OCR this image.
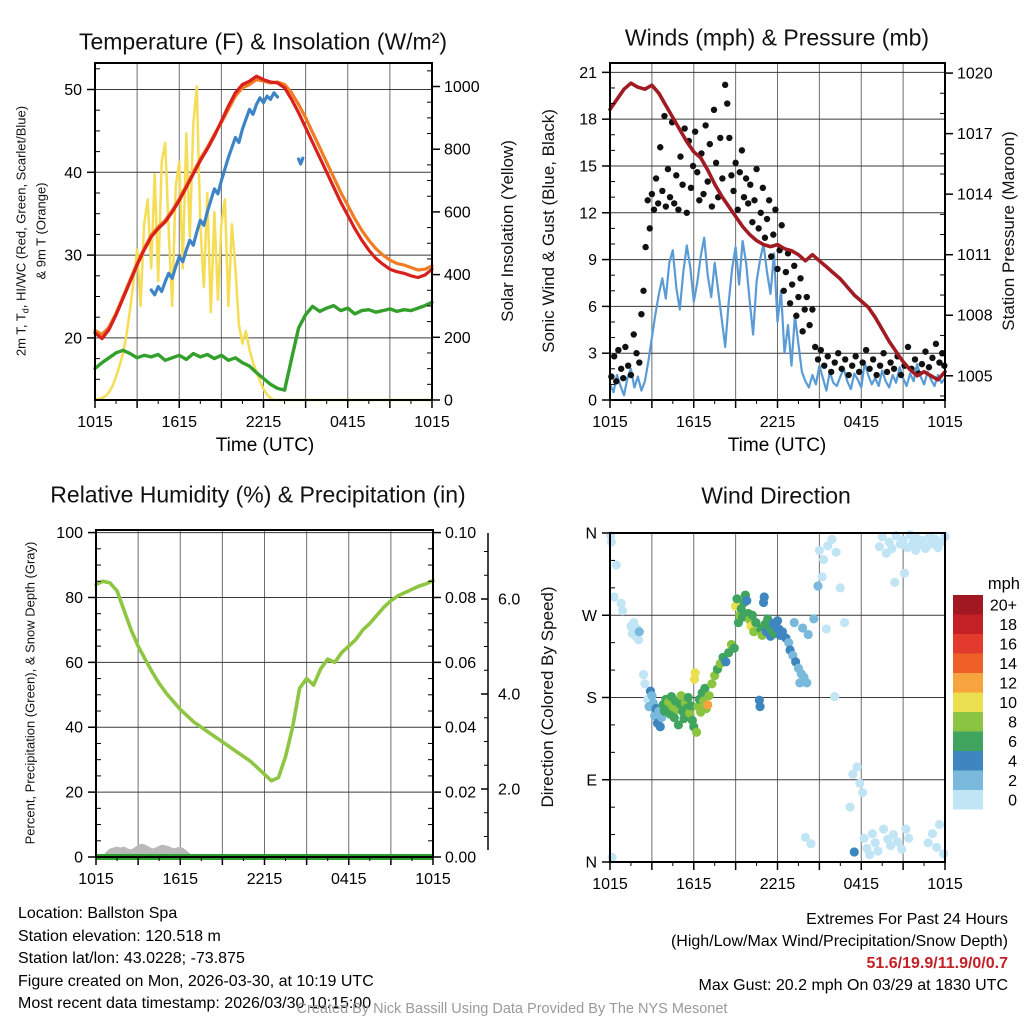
20
30
40
50
0
200
400
600
800
1000
1015	1615	2215	0415	1015
0
3
6
9
12
15
18
21
1005
1008
1011
1014
1017
1020
1015	1615	2215	0415	1015
0
20
40
60
80
100
0.00
0.02
0.04
0.06
0.08
0.10
1015	1615	2215	0415	1015
2.0
4.0
6.0
N
W
S
E
N
1015	1615	2215	0415	1015
mph
20+
18
16
14
12
10
8
6
4
2
0
Temperature (F) & Insolation (W/m²)	Winds (mph) & Pressure (mb)
Relative Humidity (%) & Precipitation (in)	Wind Direction
2m T, $T_d$, HI/WC (Red, Green, Scarlet/Blue) & 9m T (Orange)	Solar Insolation (Yellow) Sonic Wind & Gust (Blue, Black)	Station Pressure (Maroon)
Percent, Precipitation (Green), & Snow Depth (Gray)	Direction (Colored By Speed)
Time (UTC)	Time (UTC)
Location: Ballston Spa
Station elevation: 120.518 m
Station lat/lon: 43.0228; -73.875
Figure created on Mon, 2026-03-30, at 10:19 UTC
Most recent data timestamp: 2026/03/30 10:15:00
Extremes For Past 24 Hours
(High/Low/Max Wind/Precipitation/Snow Depth)
51.6/19.9/11.9/0/0.7
Max Gust: 20.2 mph On 03/29 at 1830 UTC
Created By Nick Bassill Using Data Provided By The NYS Mesonet
